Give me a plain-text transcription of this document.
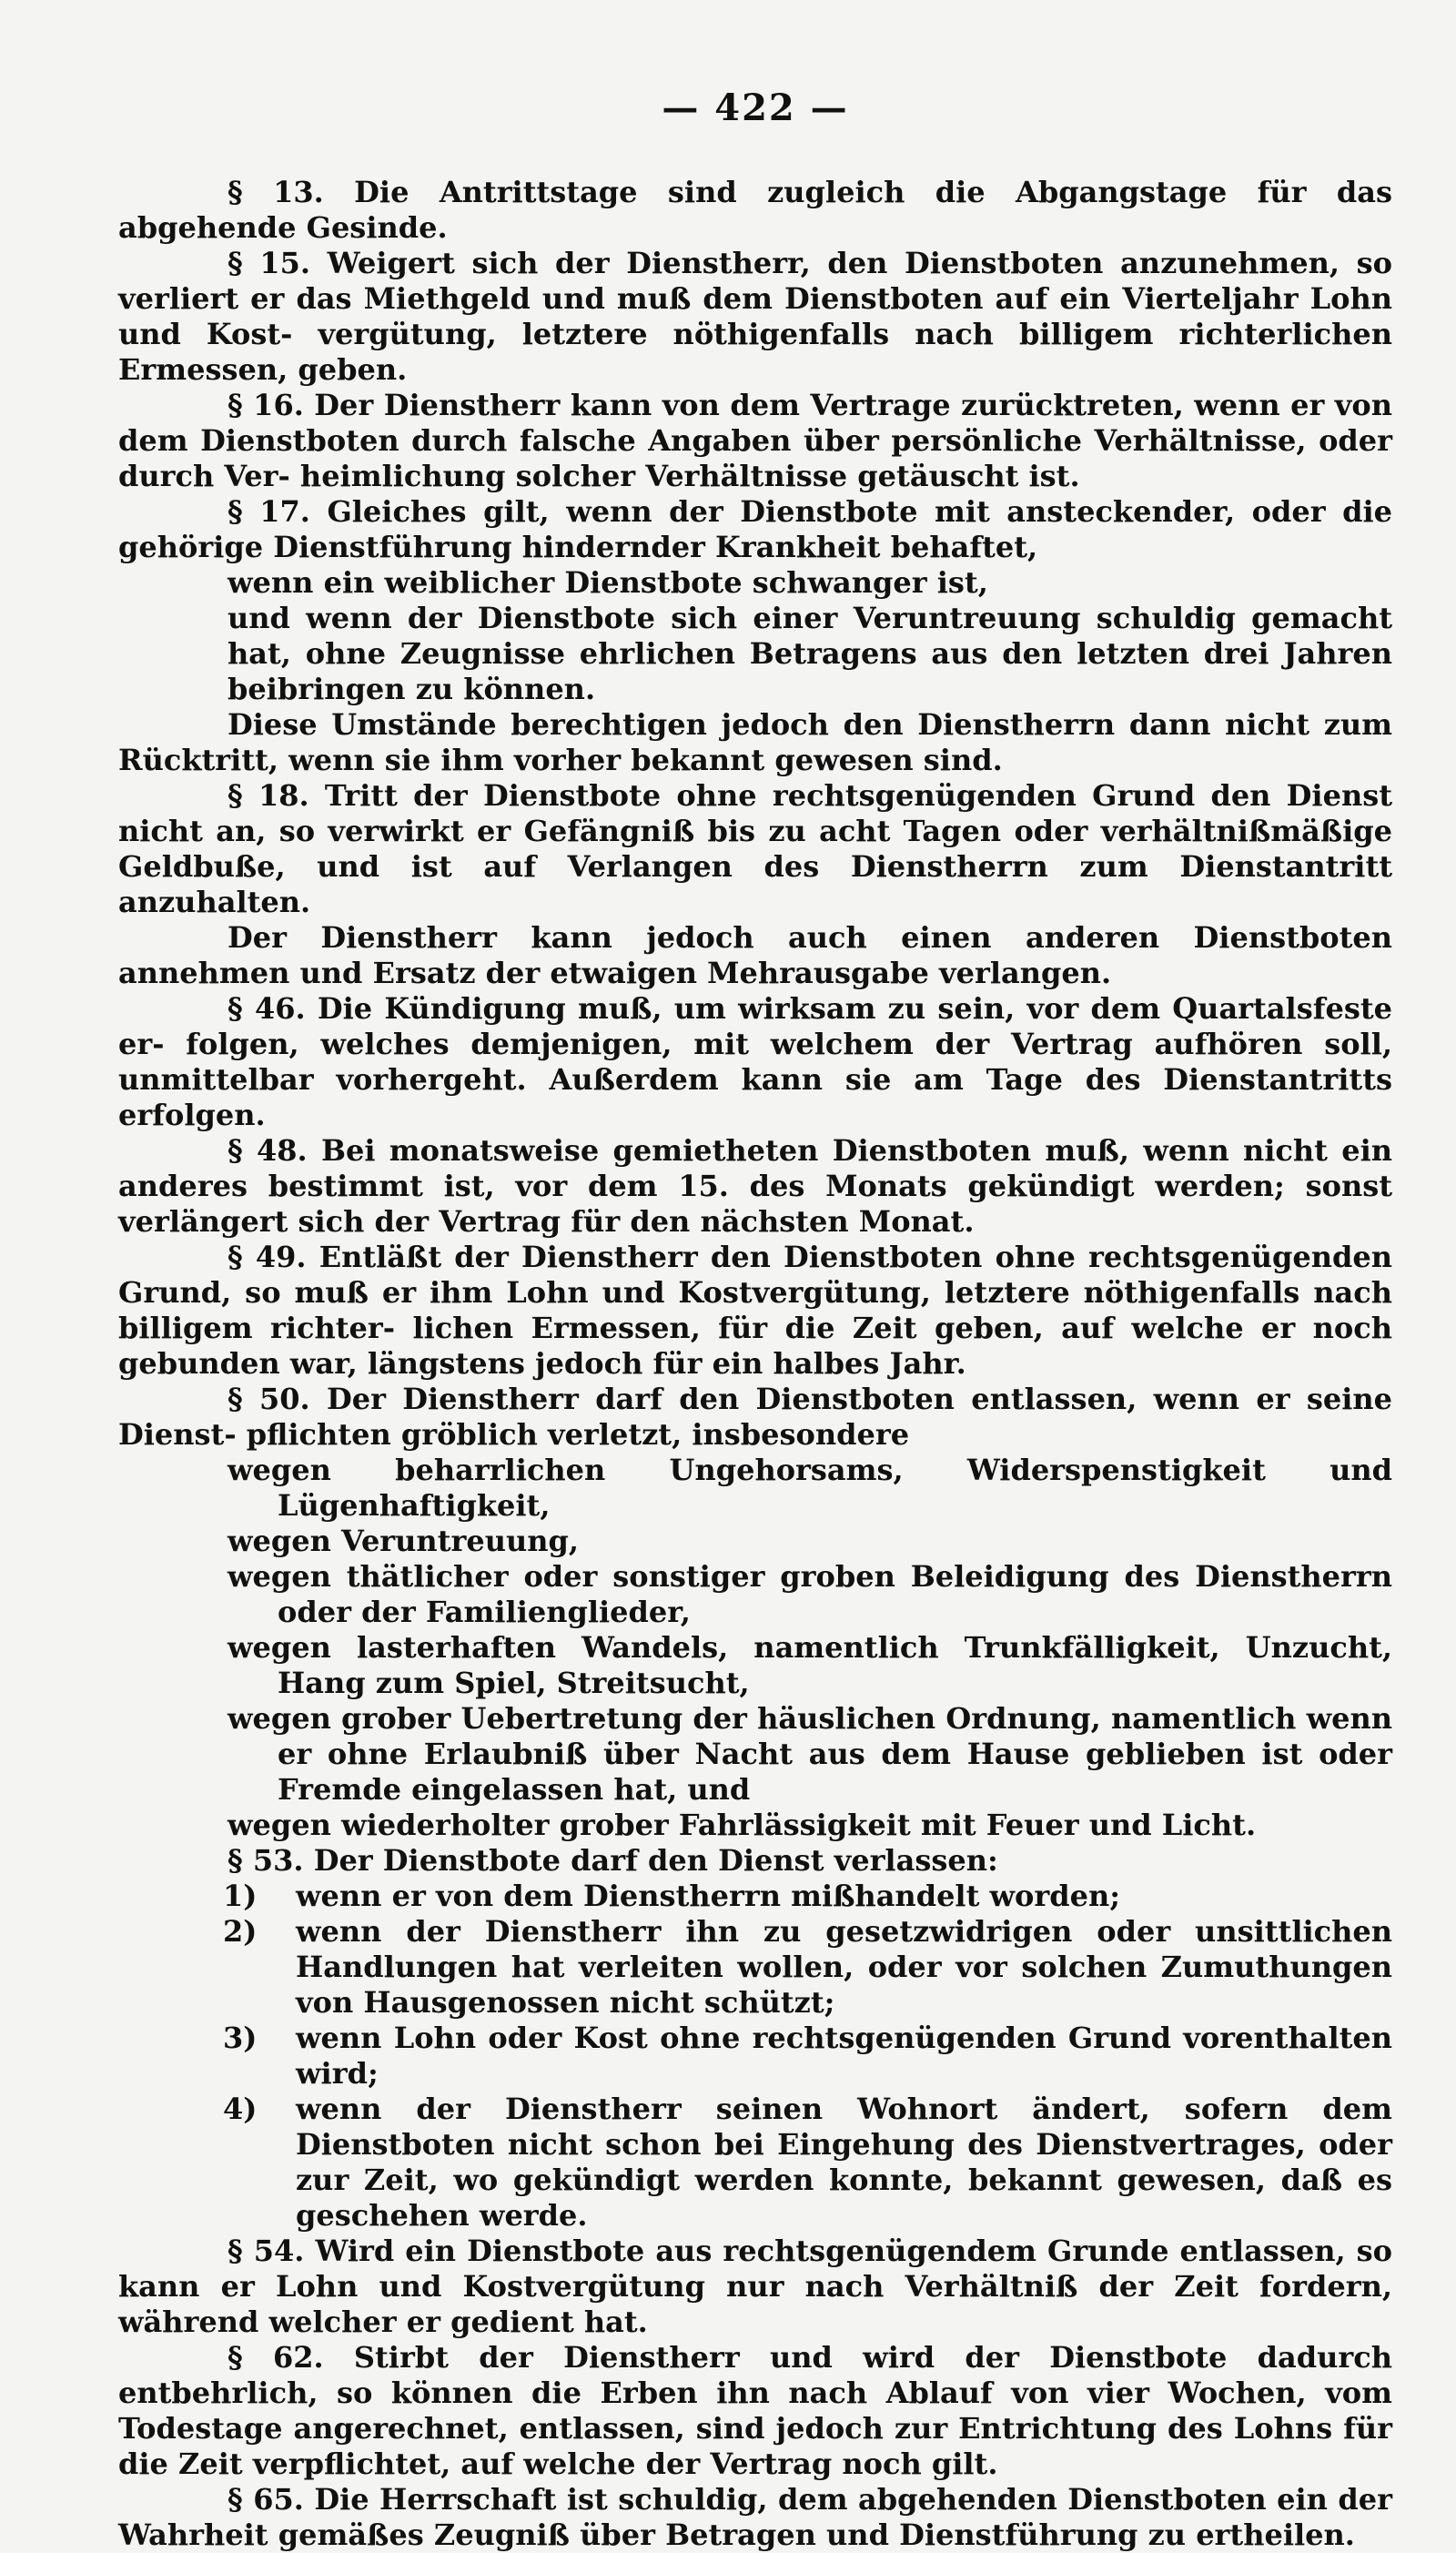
— 422 —

§ 13. Die Antrittstage sind zugleich die Abgangstage für das abgehende Gesinde.

§ 15. Weigert sich der Dienstherr, den Dienstboten anzunehmen, so verliert er das Miethgeld und muß dem Dienstboten auf ein Vierteljahr Lohn und Kost- vergütung, letztere nöthigenfalls nach billigem richterlichen Ermessen, geben.

§ 16. Der Dienstherr kann von dem Vertrage zurücktreten, wenn er von dem Dienstboten durch falsche Angaben über persönliche Verhältnisse, oder durch Ver- heimlichung solcher Verhältnisse getäuscht ist.

§ 17. Gleiches gilt, wenn der Dienstbote mit ansteckender, oder die gehörige Dienstführung hindernder Krankheit behaftet,

wenn ein weiblicher Dienstbote schwanger ist,

und wenn der Dienstbote sich einer Veruntreuung schuldig gemacht hat, ohne Zeugnisse ehrlichen Betragens aus den letzten drei Jahren beibringen zu können.

Diese Umstände berechtigen jedoch den Dienstherrn dann nicht zum Rücktritt, wenn sie ihm vorher bekannt gewesen sind.

§ 18. Tritt der Dienstbote ohne rechtsgenügenden Grund den Dienst nicht an, so verwirkt er Gefängniß bis zu acht Tagen oder verhältnißmäßige Geldbuße, und ist auf Verlangen des Dienstherrn zum Dienstantritt anzuhalten.

Der Dienstherr kann jedoch auch einen anderen Dienstboten annehmen und Ersatz der etwaigen Mehrausgabe verlangen.

§ 46. Die Kündigung muß, um wirksam zu sein, vor dem Quartalsfeste er- folgen, welches demjenigen, mit welchem der Vertrag aufhören soll, unmittelbar vorhergeht. Außerdem kann sie am Tage des Dienstantritts erfolgen.

§ 48. Bei monatsweise gemietheten Dienstboten muß, wenn nicht ein anderes bestimmt ist, vor dem 15. des Monats gekündigt werden; sonst verlängert sich der Vertrag für den nächsten Monat.

§ 49. Entläßt der Dienstherr den Dienstboten ohne rechtsgenügenden Grund, so muß er ihm Lohn und Kostvergütung, letztere nöthigenfalls nach billigem richter- lichen Ermessen, für die Zeit geben, auf welche er noch gebunden war, längstens jedoch für ein halbes Jahr.

§ 50. Der Dienstherr darf den Dienstboten entlassen, wenn er seine Dienst- pflichten gröblich verletzt, insbesondere

wegen beharrlichen Ungehorsams, Widerspenstigkeit und Lügenhaftigkeit,

wegen Veruntreuung,

wegen thätlicher oder sonstiger groben Beleidigung des Dienstherrn oder der Familienglieder,

wegen lasterhaften Wandels, namentlich Trunkfälligkeit, Unzucht, Hang zum Spiel, Streitsucht,

wegen grober Uebertretung der häuslichen Ordnung, namentlich wenn er ohne Erlaubniß über Nacht aus dem Hause geblieben ist oder Fremde eingelassen hat, und

wegen wiederholter grober Fahrlässigkeit mit Feuer und Licht.

§ 53. Der Dienstbote darf den Dienst verlassen:

1)	wenn er von dem Dienstherrn mißhandelt worden;
2)	wenn der Dienstherr ihn zu gesetzwidrigen oder unsittlichen Handlungen hat verleiten wollen, oder vor solchen Zumuthungen von Hausgenossen nicht schützt;
3)	wenn Lohn oder Kost ohne rechtsgenügenden Grund vorenthalten wird;
4)	wenn der Dienstherr seinen Wohnort ändert, sofern dem Dienstboten nicht schon bei Eingehung des Dienstvertrages, oder zur Zeit, wo gekündigt werden konnte, bekannt gewesen, daß es geschehen werde.

§ 54. Wird ein Dienstbote aus rechtsgenügendem Grunde entlassen, so kann er Lohn und Kostvergütung nur nach Verhältniß der Zeit fordern, während welcher er gedient hat.

§ 62. Stirbt der Dienstherr und wird der Dienstbote dadurch entbehrlich, so können die Erben ihn nach Ablauf von vier Wochen, vom Todestage angerechnet, entlassen, sind jedoch zur Entrichtung des Lohns für die Zeit verpflichtet, auf welche der Vertrag noch gilt.

§ 65. Die Herrschaft ist schuldig, dem abgehenden Dienstboten ein der Wahrheit gemäßes Zeugniß über Betragen und Dienstführung zu ertheilen.
